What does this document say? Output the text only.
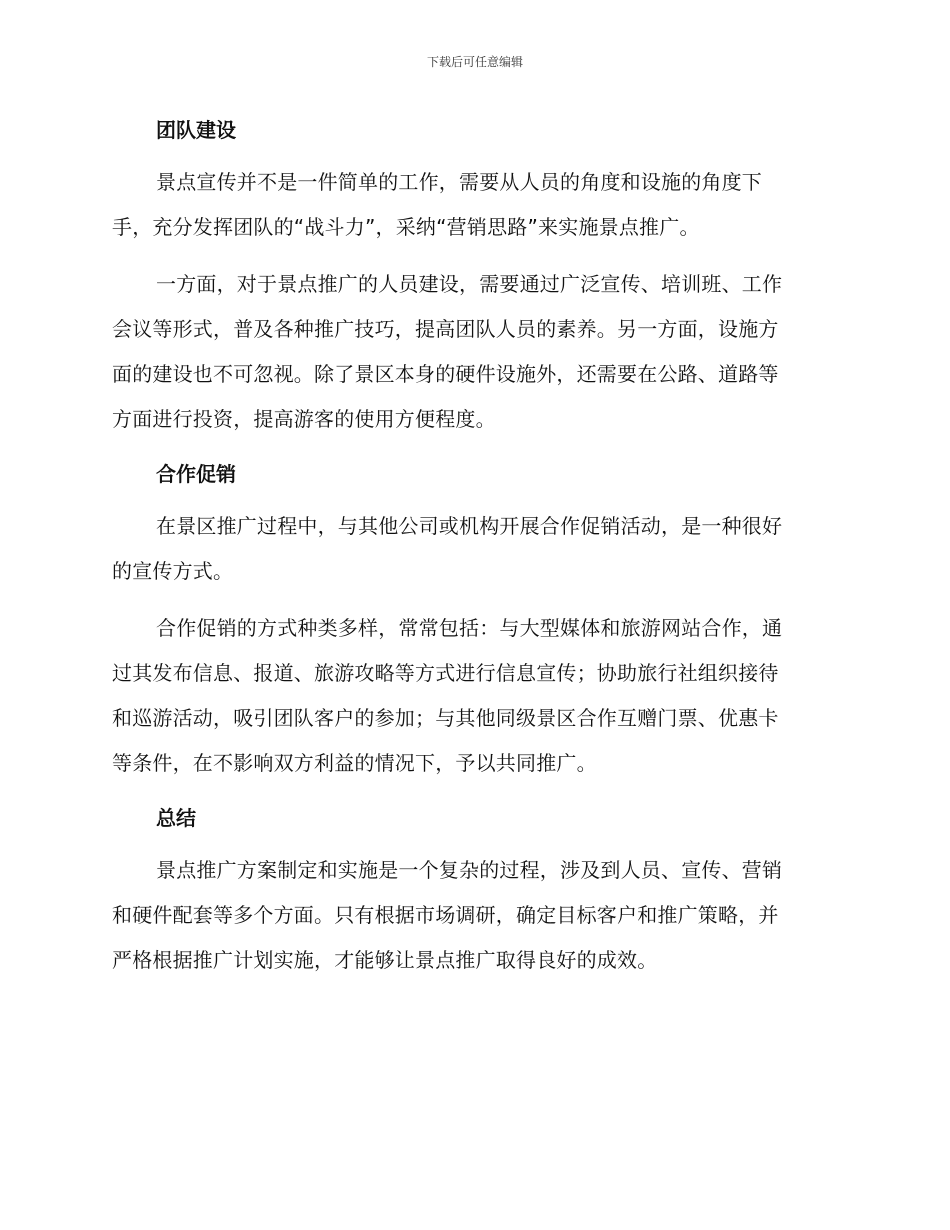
下载后可任意编辑
团队建设
景点宣传并不是一件简单的工作，需要从人员的角度和设施的角度下
手，充分发挥团队的“战斗力”，采纳“营销思路”来实施景点推广。
一方面，对于景点推广的人员建设，需要通过广泛宣传、培训班、工作
会议等形式，普及各种推广技巧，提高团队人员的素养。另一方面，设施方
面的建设也不可忽视。除了景区本身的硬件设施外，还需要在公路、道路等
方面进行投资，提高游客的使用方便程度。
合作促销
在景区推广过程中，与其他公司或机构开展合作促销活动，是一种很好
的宣传方式。
合作促销的方式种类多样，常常包括：与大型媒体和旅游网站合作，通
过其发布信息、报道、旅游攻略等方式进行信息宣传；协助旅行社组织接待
和巡游活动，吸引团队客户的参加；与其他同级景区合作互赠门票、优惠卡
等条件，在不影响双方利益的情况下，予以共同推广。
总结
景点推广方案制定和实施是一个复杂的过程，涉及到人员、宣传、营销
和硬件配套等多个方面。只有根据市场调研，确定目标客户和推广策略，并
严格根据推广计划实施，才能够让景点推广取得良好的成效。
